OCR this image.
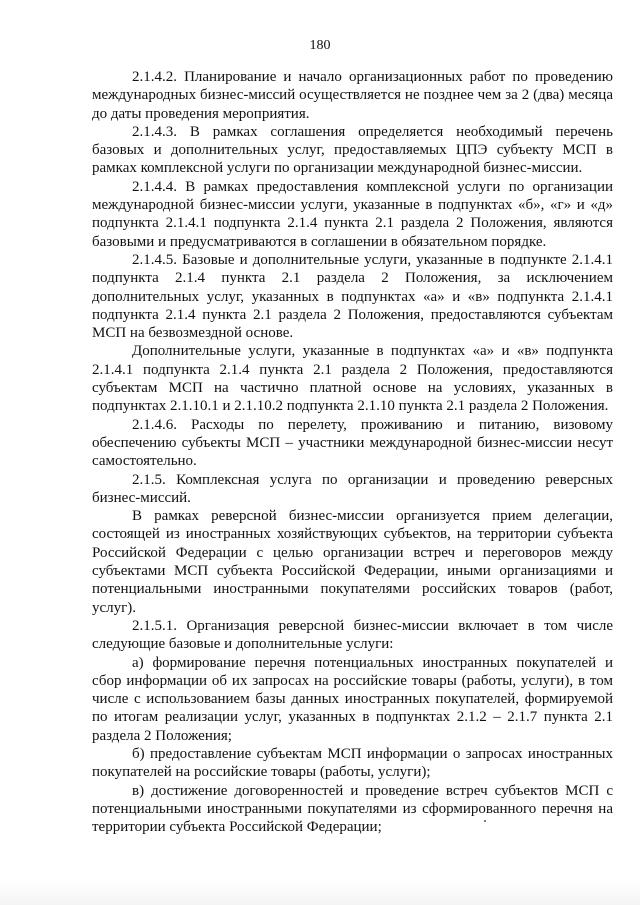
180

2.1.4.2. Планирование и начало организационных работ по проведению международных бизнес-миссий осуществляется не позднее чем за 2 (два) месяца до даты проведения мероприятия.

2.1.4.3. В рамках соглашения определяется необходимый перечень базовых и дополнительных услуг, предоставляемых ЦПЭ субъекту МСП в рамках комплексной услуги по организации международной бизнес-миссии.

2.1.4.4. В рамках предоставления комплексной услуги по организации международной бизнес-миссии услуги, указанные в подпунктах «б», «г» и «д» подпункта 2.1.4.1 подпункта 2.1.4 пункта 2.1 раздела 2 Положения, являются базовыми и предусматриваются в соглашении в обязательном порядке.

2.1.4.5. Базовые и дополнительные услуги, указанные в подпункте 2.1.4.1 подпункта 2.1.4 пункта 2.1 раздела 2 Положения, за исключением дополнительных услуг, указанных в подпунктах «а» и «в» подпункта 2.1.4.1 подпункта 2.1.4 пункта 2.1 раздела 2 Положения, предоставляются субъектам МСП на безвозмездной основе.

Дополнительные услуги, указанные в подпунктах «а» и «в» подпункта 2.1.4.1 подпункта 2.1.4 пункта 2.1 раздела 2 Положения, предоставляются субъектам МСП на частично платной основе на условиях, указанных в подпунктах 2.1.10.1 и 2.1.10.2 подпункта 2.1.10 пункта 2.1 раздела 2 Положения.

2.1.4.6. Расходы по перелету, проживанию и питанию, визовому обеспечению субъекты МСП – участники международной бизнес-миссии несут самостоятельно.

2.1.5. Комплексная услуга по организации и проведению реверсных бизнес-миссий.

В рамках реверсной бизнес-миссии организуется прием делегации, состоящей из иностранных хозяйствующих субъектов, на территории субъекта Российской Федерации с целью организации встреч и переговоров между субъектами МСП субъекта Российской Федерации, иными организациями и потенциальными иностранными покупателями российских товаров (работ, услуг).

2.1.5.1. Организация реверсной бизнес-миссии включает в том числе следующие базовые и дополнительные услуги:

а) формирование перечня потенциальных иностранных покупателей и сбор информации об их запросах на российские товары (работы, услуги), в том числе с использованием базы данных иностранных покупателей, формируемой по итогам реализации услуг, указанных в подпунктах 2.1.2 – 2.1.7 пункта 2.1 раздела 2 Положения;

б) предоставление субъектам МСП информации о запросах иностранных покупателей на российские товары (работы, услуги);

в) достижение договоренностей и проведение встреч субъектов МСП с потенциальными иностранными покупателями из сформированного перечня на территории субъекта Российской Федерации;
